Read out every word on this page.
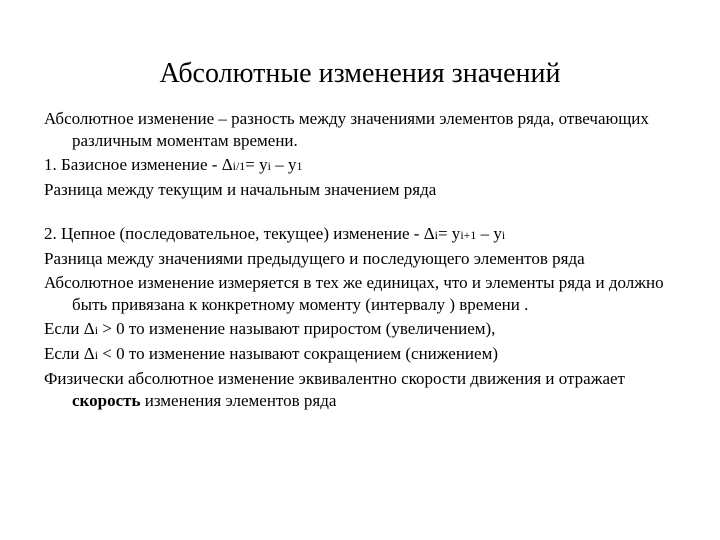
Абсолютные изменения значений

Абсолютное изменение – разность между значениями элементов ряда, отвечающих различным моментам времени.

1. Базисное изменение - Δi/1= yi – y1

Разница между текущим и начальным значением ряда

2. Цепное (последовательное, текущее) изменение - Δi= yi+1 – yi

Разница между значениями предыдущего и последующего элементов ряда

Абсолютное изменение измеряется в тех же единицах, что и элементы ряда и должно быть привязана к конкретному моменту (интервалу ) времени .

Если Δi > 0 то изменение называют приростом (увеличением),

Если Δi < 0 то изменение называют сокращением (снижением)

Физически абсолютное изменение эквивалентно скорости движения и отражает скорость изменения элементов ряда
